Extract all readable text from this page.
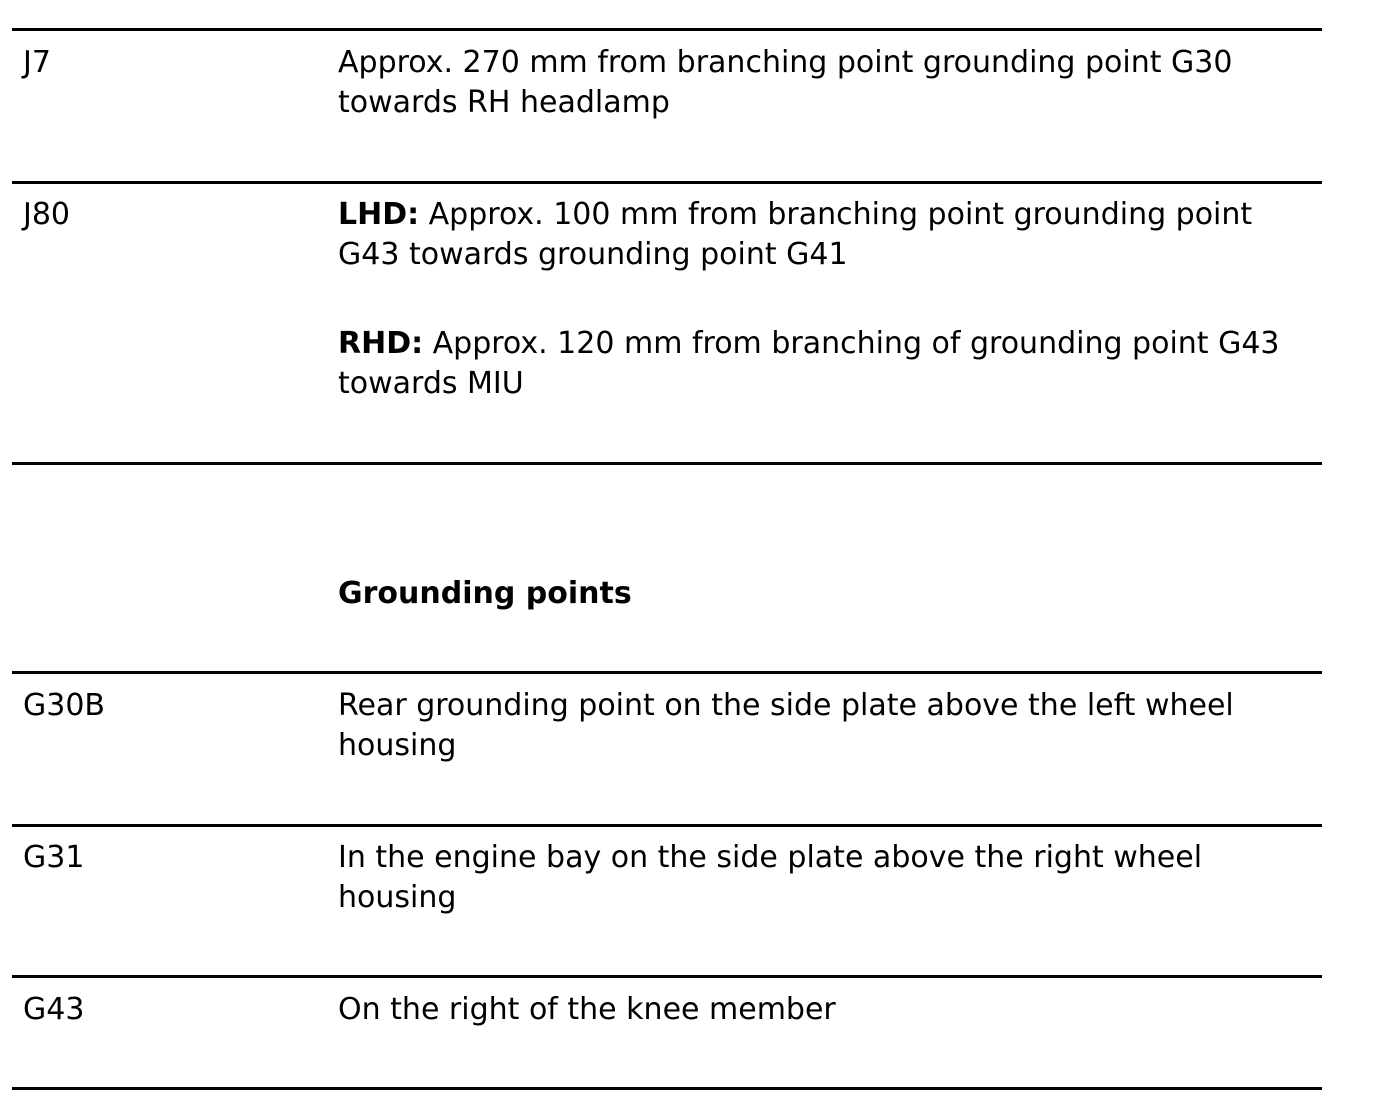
J7	Approx. 270 mm from branching point grounding point G30 towards RH headlamp
J80	LHD: Approx. 100 mm from branching point grounding point G43 towards grounding point G41
RHD: Approx. 120 mm from branching of grounding point G43 towards MIU
Grounding points
G30B	Rear grounding point on the side plate above the left wheel housing
G31	In the engine bay on the side plate above the right wheel housing
G43	On the right of the knee member
